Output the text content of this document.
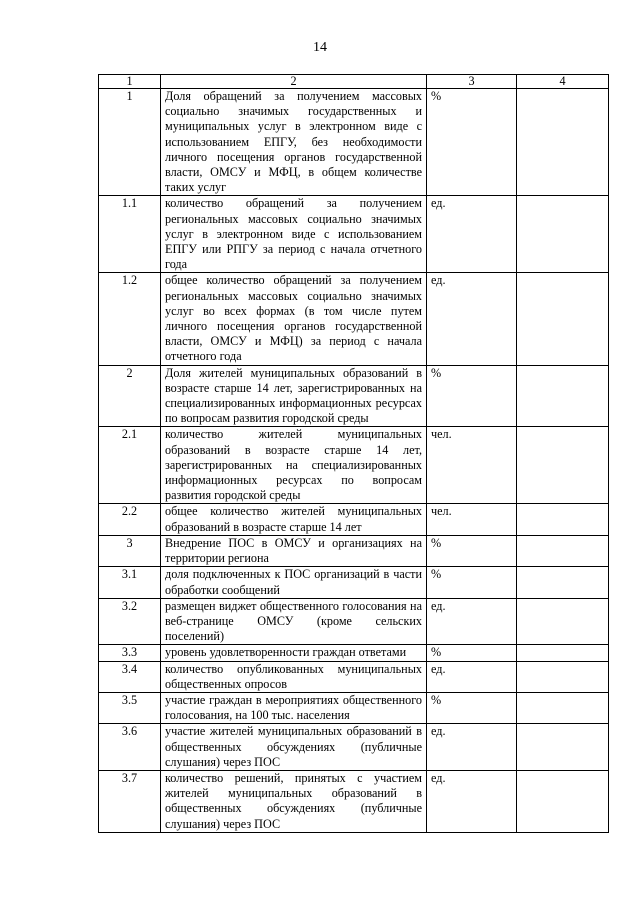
14
1	2	3	4
1	Доля обращений за получением массовых социально значимых государственных и муниципальных услуг в электронном виде с использованием ЕПГУ, без необходимости личного посещения органов государственной власти, ОМСУ и МФЦ, в общем количестве таких услуг	%	
1.1	количество обращений за получением региональных массовых социально значимых услуг в электронном виде с использованием ЕПГУ или РПГУ за период с начала отчетного года	ед.	
1.2	общее количество обращений за получением региональных массовых социально значимых услуг во всех формах (в том числе путем личного посещения органов государственной власти, ОМСУ и МФЦ) за период с начала отчетного года	ед.	
2	Доля жителей муниципальных образований в возрасте старше 14 лет, зарегистрированных на специализированных информационных ресурсах по вопросам развития городской среды	%	
2.1	количество жителей муниципальных образований в возрасте старше 14 лет, зарегистрированных на специализированных информационных ресурсах по вопросам развития городской среды	чел.	
2.2	общее количество жителей муниципальных образований в возрасте старше 14 лет	чел.	
3	Внедрение ПОС в ОМСУ и организациях на территории региона	%	
3.1	доля подключенных к ПОС организаций в части обработки сообщений	%	
3.2	размещен виджет общественного голосования на веб-странице ОМСУ (кроме сельских поселений)	ед.	
3.3	уровень удовлетворенности граждан ответами	%	
3.4	количество опубликованных муниципальных общественных опросов	ед.	
3.5	участие граждан в мероприятиях общественного голосования, на 100 тыс. населения	%	
3.6	участие жителей муниципальных образований в общественных обсуждениях (публичные слушания) через ПОС	ед.	
3.7	количество решений, принятых с участием жителей муниципальных образований в общественных обсуждениях (публичные слушания) через ПОС	ед.	
